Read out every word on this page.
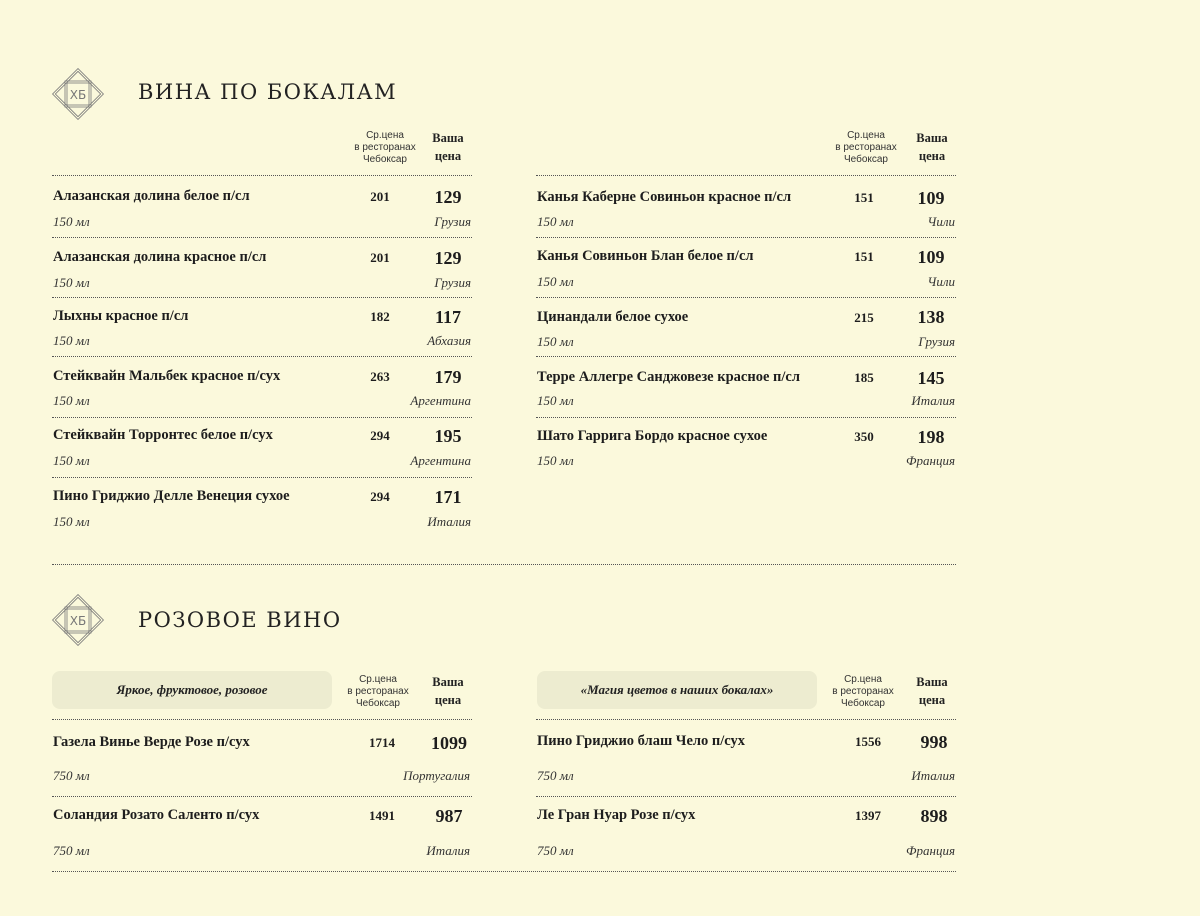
ХБ ВИНА ПО БОКАЛАМ
ХБ РОЗОВОЕ ВИНО
Ср.цена
в ресторанах
Чебоксар
Ваша
цена
Ср.цена
в ресторанах
Чебоксар
Ваша
цена
Алазанская долина белое п/сл	201	129
150 мл	Грузия
Алазанская долина красное п/сл	201	129
150 мл	Грузия
Лыхны красное п/сл	182	117
150 мл	Абхазия
Стейквайн Мальбек красное п/сух	263	179
150 мл	Аргентина
Стейквайн Торронтес белое п/сух	294	195
150 мл	Аргентина
Пино Гриджио Делле Венеция сухое	294	171
150 мл	Италия
Канья Каберне Совиньон красное п/сл	151	109
150 мл	Чили
Канья Совиньон Блан белое п/сл	151	109
150 мл	Чили
Цинандали белое сухое	215	138
150 мл	Грузия
Терре Аллегре Санджовезе красное п/сл	185	145
150 мл	Италия
Шато Гаррига Бордо красное сухое	350	198
150 мл	Франция
Яркое, фруктовое, розовое
Ср.цена
в ресторанах
Чебоксар
Ваша
цена
«Магия цветов в наших бокалах»
Ср.цена
в ресторанах
Чебоксар
Ваша
цена
Газела Винье Верде Розе п/сух	1714	1099
750 мл	Португалия
Соландия Розато Саленто п/сух	1491	987
750 мл	Италия
Пино Гриджио блаш Чело п/сух	1556	998
750 мл	Италия
Ле Гран Нуар Розе п/сух	1397	898
750 мл	Франция
